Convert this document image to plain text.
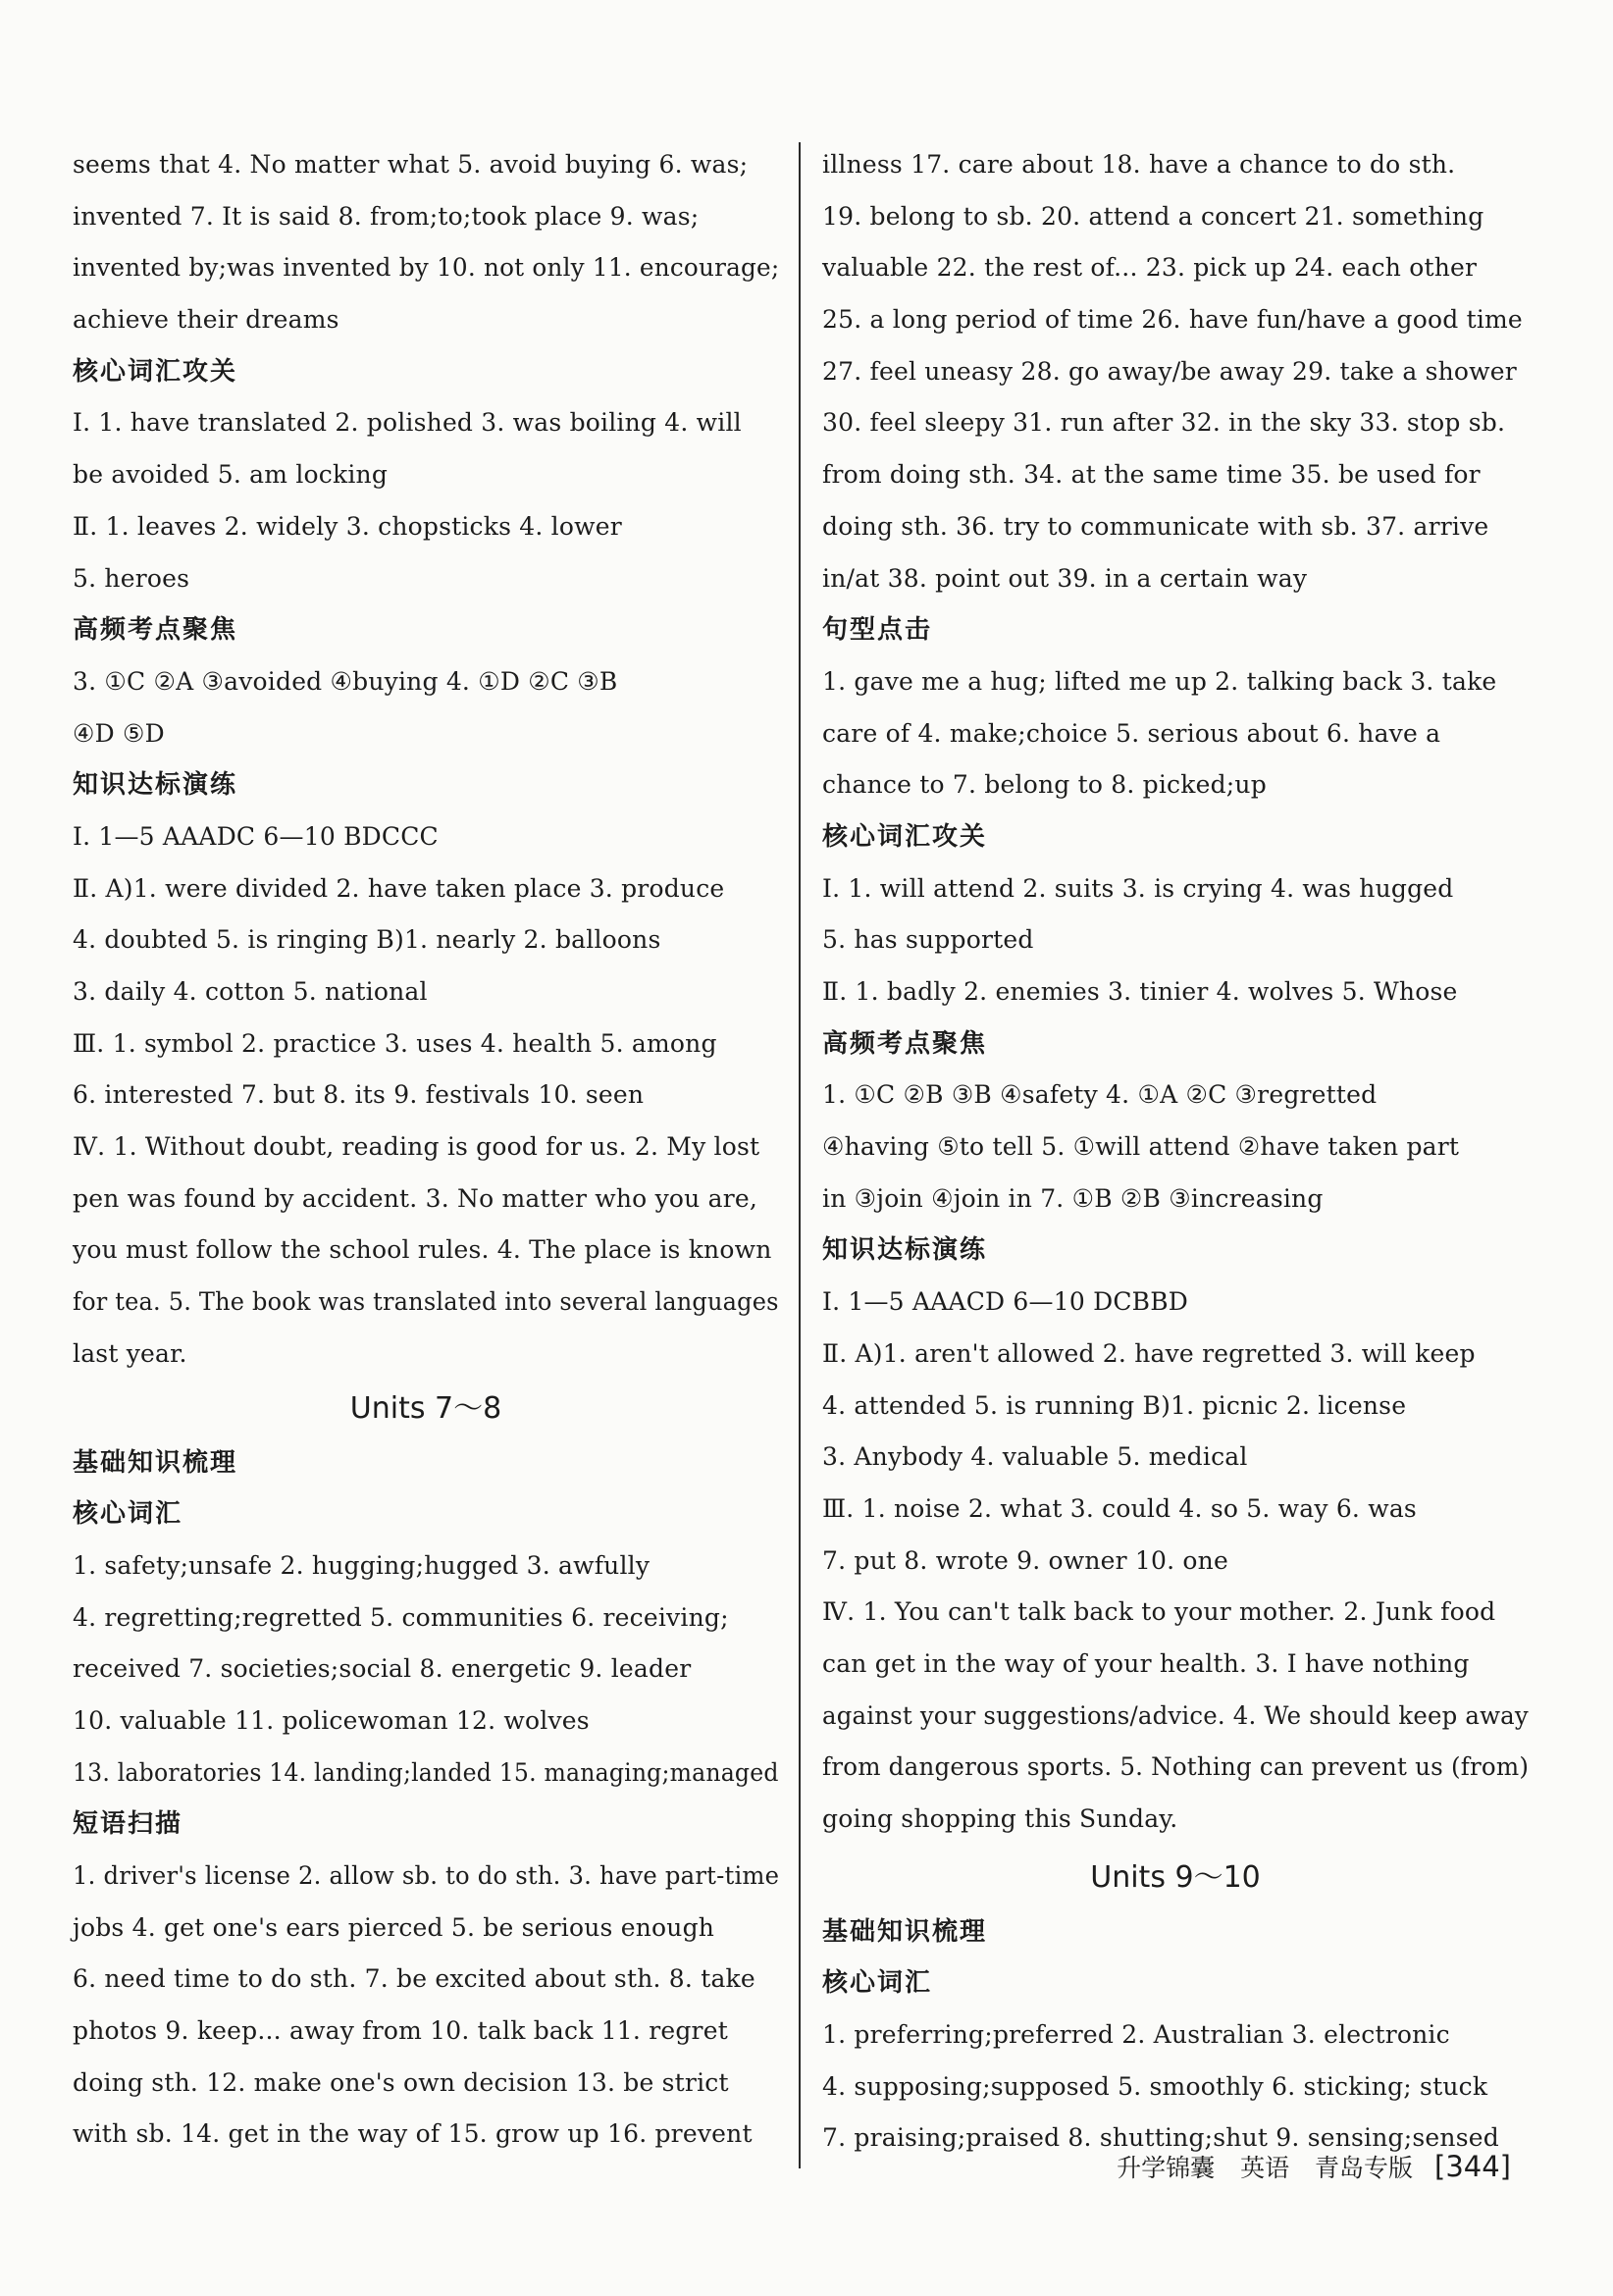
seems that 4. No matter what 5. avoid buying 6. was;
invented 7. It is said 8. from;to;took place 9. was;
invented by;was invented by 10. not only 11. encourage;
achieve their dreams
核心词汇攻关
Ⅰ. 1. have translated 2. polished 3. was boiling 4. will
be avoided 5. am locking
Ⅱ. 1. leaves 2. widely 3. chopsticks 4. lower
5. heroes
高频考点聚焦
3. ①C ②A ③avoided ④buying 4. ①D ②C ③B
④D ⑤D
知识达标演练
Ⅰ. 1—5 AAADC 6—10 BDCCC
Ⅱ. A)1. were divided 2. have taken place 3. produce
4. doubted 5. is ringing B)1. nearly 2. balloons
3. daily 4. cotton 5. national
Ⅲ. 1. symbol 2. practice 3. uses 4. health 5. among
6. interested 7. but 8. its 9. festivals 10. seen
Ⅳ. 1. Without doubt, reading is good for us. 2. My lost
pen was found by accident. 3. No matter who you are,
you must follow the school rules. 4. The place is known
for tea. 5. The book was translated into several languages
last year.
Units 7～8
基础知识梳理
核心词汇
1. safety;unsafe 2. hugging;hugged 3. awfully
4. regretting;regretted 5. communities 6. receiving;
received 7. societies;social 8. energetic 9. leader
10. valuable 11. policewoman 12. wolves
13. laboratories 14. landing;landed 15. managing;managed
短语扫描
1. driver's license 2. allow sb. to do sth. 3. have part-time
jobs 4. get one's ears pierced 5. be serious enough
6. need time to do sth. 7. be excited about sth. 8. take
photos 9. keep... away from 10. talk back 11. regret
doing sth. 12. make one's own decision 13. be strict
with sb. 14. get in the way of 15. grow up 16. prevent
illness 17. care about 18. have a chance to do sth.
19. belong to sb. 20. attend a concert 21. something
valuable 22. the rest of... 23. pick up 24. each other
25. a long period of time 26. have fun/have a good time
27. feel uneasy 28. go away/be away 29. take a shower
30. feel sleepy 31. run after 32. in the sky 33. stop sb.
from doing sth. 34. at the same time 35. be used for
doing sth. 36. try to communicate with sb. 37. arrive
in/at 38. point out 39. in a certain way
句型点击
1. gave me a hug; lifted me up 2. talking back 3. take
care of 4. make;choice 5. serious about 6. have a
chance to 7. belong to 8. picked;up
核心词汇攻关
Ⅰ. 1. will attend 2. suits 3. is crying 4. was hugged
5. has supported
Ⅱ. 1. badly 2. enemies 3. tinier 4. wolves 5. Whose
高频考点聚焦
1. ①C ②B ③B ④safety 4. ①A ②C ③regretted
④having ⑤to tell 5. ①will attend ②have taken part
in ③join ④join in 7. ①B ②B ③increasing
知识达标演练
Ⅰ. 1—5 AAACD 6—10 DCBBD
Ⅱ. A)1. aren't allowed 2. have regretted 3. will keep
4. attended 5. is running B)1. picnic 2. license
3. Anybody 4. valuable 5. medical
Ⅲ. 1. noise 2. what 3. could 4. so 5. way 6. was
7. put 8. wrote 9. owner 10. one
Ⅳ. 1. You can't talk back to your mother. 2. Junk food
can get in the way of your health. 3. I have nothing
against your suggestions/advice. 4. We should keep away
from dangerous sports. 5. Nothing can prevent us (from)
going shopping this Sunday.
Units 9～10
基础知识梳理
核心词汇
1. preferring;preferred 2. Australian 3. electronic
4. supposing;supposed 5. smoothly 6. sticking; stuck
7. praising;praised 8. shutting;shut 9. sensing;sensed
升学锦囊 英语 青岛专版 [344]
